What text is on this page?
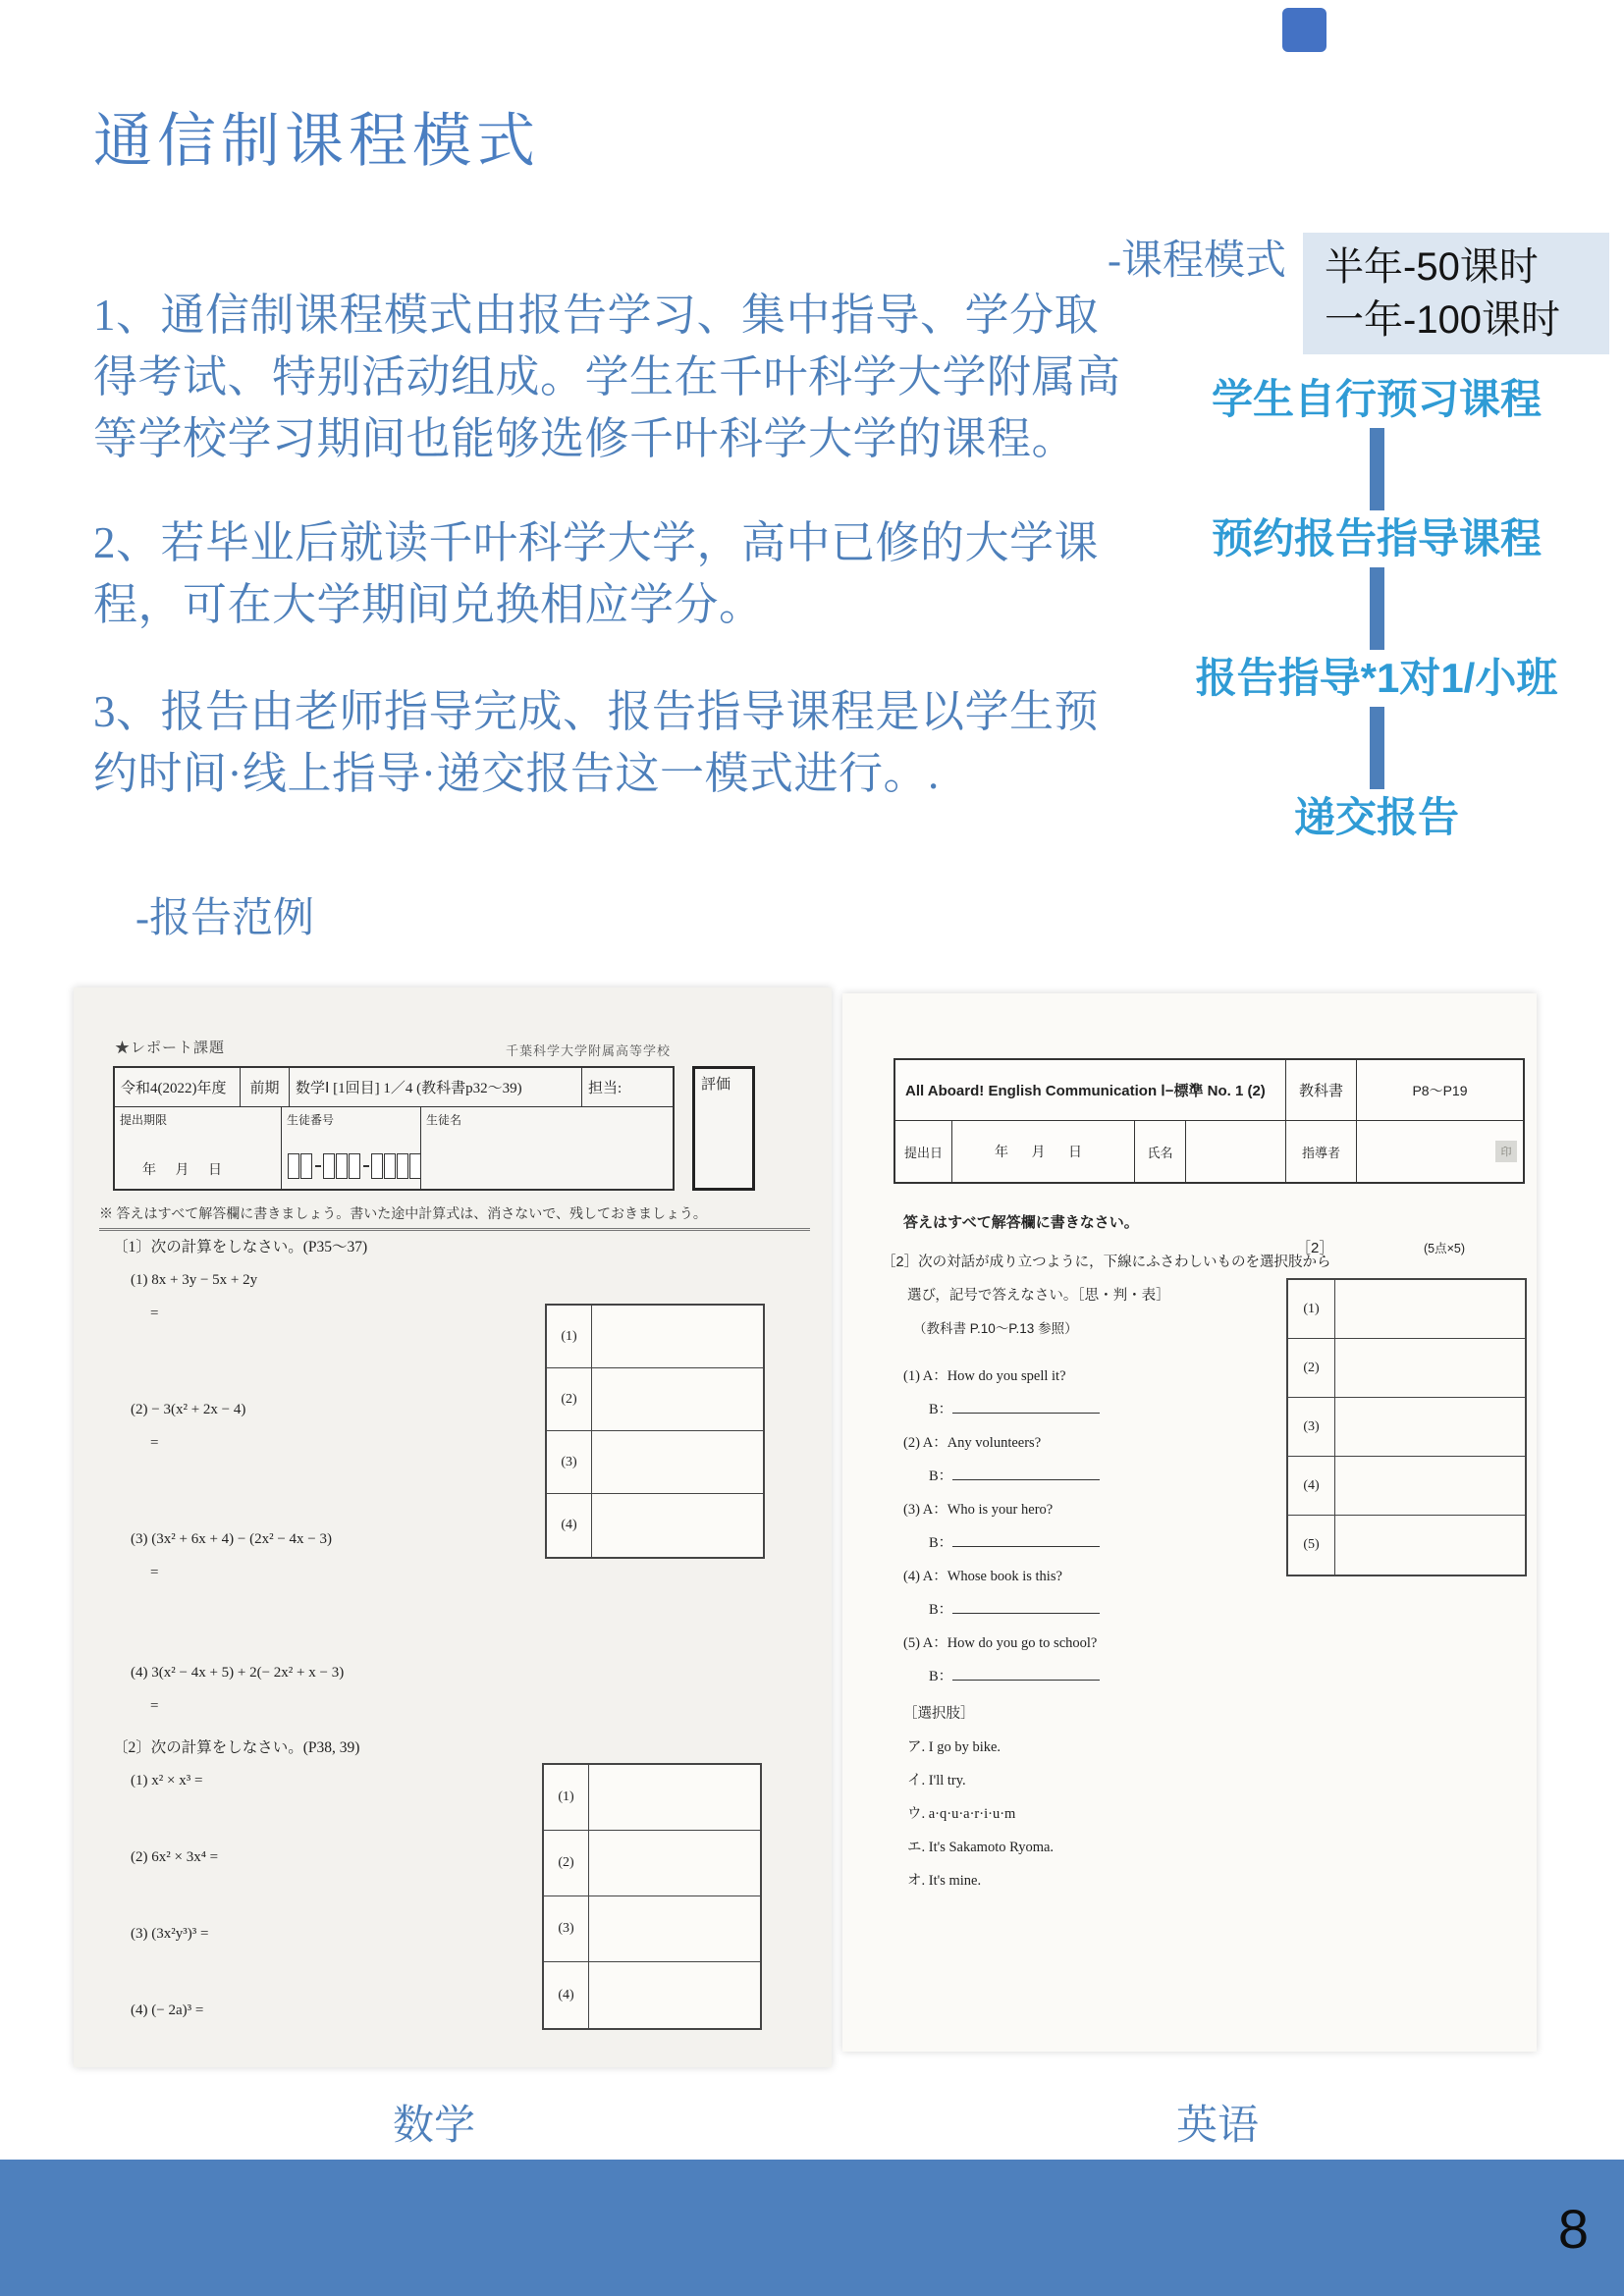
通信制课程模式
-课程模式 半年-50课时
一年-100课时

1、通信制课程模式由报告学习、集中指导、学分取得考试、特别活动组成。学生在千叶科学大学附属高等学校学习期间也能够选修千叶科学大学的课程。

2、若毕业后就读千叶科学大学，高中已修的大学课程，可在大学期间兑换相应学分。

3、报告由老师指导完成、报告指导课程是以学生预约时间·线上指导·递交报告这一模式进行。.

学生自行预习课程
预约报告指导课程
报告指导*1对1/小班
递交报告
-报告范例
★レポート課題	千葉科学大学附属高等学校
令和4(2022)年度	前期	数学Ⅰ [1回目] 1／4 (教科書p32～39)	担当:
提出期限
年 月 日
生徒番号	生徒名
評価
※ 答えはすべて解答欄に書きましょう。書いた途中計算式は、消さないで、残しておきましょう。
〔1〕次の計算をしなさい。(P35～37)
(1) 8x + 3y − 5x + 2y
=
(2) − 3(x² + 2x − 4)
=
(3) (3x² + 6x + 4) − (2x² − 4x − 3)
=
(4) 3(x² − 4x + 5) + 2(− 2x² + x − 3)
=
(1)
(2)
(3)
(4)
〔2〕次の計算をしなさい。(P38, 39)
(1) x² × x³ =
(2) 6x² × 3x⁴ =
(3) (3x²y³)³ =
(4) (− 2a)³ =
(1)
(2)
(3)
(4)
All Aboard! English Communication Ⅰ−標準 No. 1 (2)	教科書	P8～P19
提出日	年 月 日	氏名	指導者	印
答えはすべて解答欄に書きなさい。
［2］次の対話が成り立つように，下線にふさわしいものを選択肢から
選び，記号で答えなさい。［思・判・表］
（教科書 P.10～P.13 参照）
［2］	(5点×5)
(1)
(2)
(3)
(4)
(5)
(1) A：How do you spell it?
B：
(2) A：Any volunteers?
B：
(3) A：Who is your hero?
B：
(4) A：Whose book is this?
B：
(5) A：How do you go to school?
B：
［選択肢］
ア. I go by bike.
イ. I'll try.
ウ. a·q·u·a·r·i·u·m
エ. It's Sakamoto Ryoma.
オ. It's mine.
数学	英语
8
